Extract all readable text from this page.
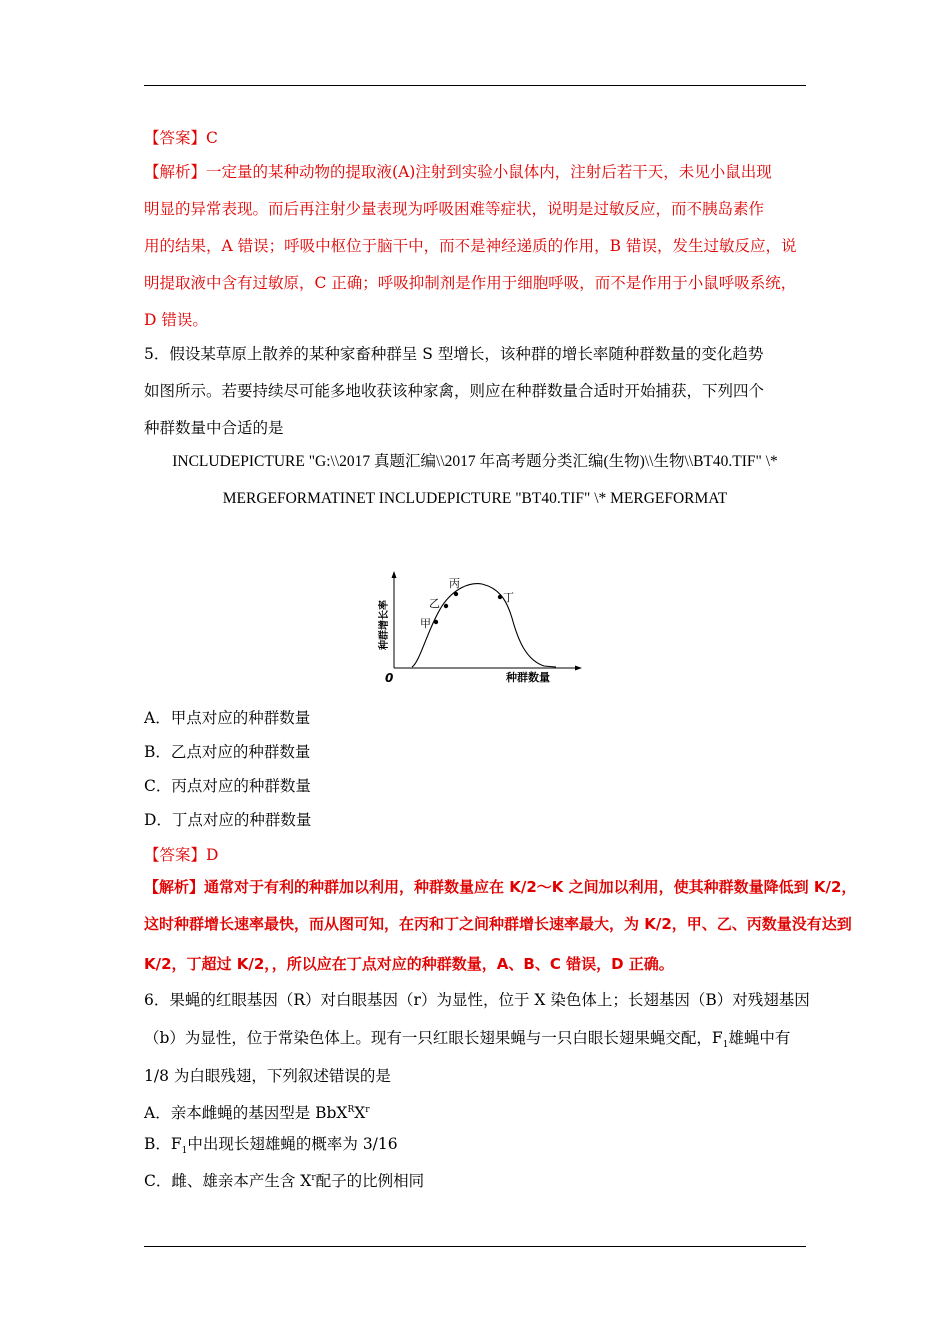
【答案】C
【解析】一定量的某种动物的提取液(A)注射到实验小鼠体内，注射后若干天，未见小鼠出现
明显的异常表现。而后再注射少量表现为呼吸困难等症状，说明是过敏反应，而不胰岛素作
用的结果，A 错误；呼吸中枢位于脑干中，而不是神经递质的作用，B 错误，发生过敏反应，说
明提取液中含有过敏原，C 正确；呼吸抑制剂是作用于细胞呼吸，而不是作用于小鼠呼吸系统，
D 错误。
5．假设某草原上散养的某种家畜种群呈 S 型增长，该种群的增长率随种群数量的变化趋势
如图所示。若要持续尽可能多地收获该种家禽，则应在种群数量合适时开始捕获，下列四个
种群数量中合适的是
INCLUDEPICTURE "G:\\2017 真题汇编\\2017 年高考题分类汇编(生物)\\生物\\BT40.TIF" \*
MERGEFORMATINET INCLUDEPICTURE "BT40.TIF" \* MERGEFORMAT
甲
乙
丙
丁
种群增长率
种群数量
0
A．甲点对应的种群数量
B．乙点对应的种群数量
C．丙点对应的种群数量
D．丁点对应的种群数量
【答案】D
【解析】通常对于有利的种群加以利用，种群数量应在 K/2～K 之间加以利用，使其种群数量降低到 K/2，
这时种群增长速率最快，而从图可知，在丙和丁之间种群增长速率最大，为 K/2，甲、乙、丙数量没有达到
K/2，丁超过 K/2，，所以应在丁点对应的种群数量，A、B、C 错误，D 正确。
6．果蝇的红眼基因（R）对白眼基因（r）为显性，位于 X 染色体上；长翅基因（B）对残翅基因
（b）为显性，位于常染色体上。现有一只红眼长翅果蝇与一只白眼长翅果蝇交配，$F_1$雄蝇中有
1/8 为白眼残翅，下列叙述错误的是
A．亲本雌蝇的基因型是 $BbX^RX^r$
B．$F_1$中出现长翅雄蝇的概率为 3/16
C．雌、雄亲本产生含 $X^r$配子的比例相同
